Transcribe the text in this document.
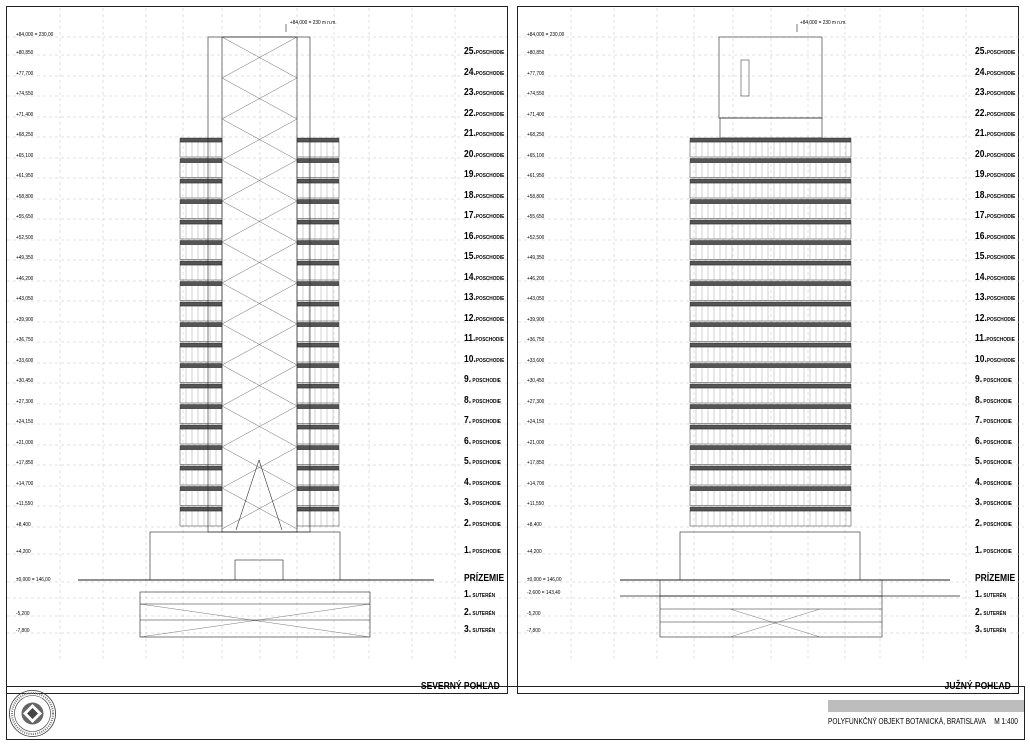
+84,000 = 230,00
+80,850	25.POSCHODIE
+77,700	24.POSCHODIE
+74,550	23.POSCHODIE
+71,400	22.POSCHODIE
+68,250	21.POSCHODIE
+65,100	20.POSCHODIE
+61,950	19.POSCHODIE
+58,800	18.POSCHODIE
+55,650	17.POSCHODIE
+52,500	16.POSCHODIE
+49,350	15.POSCHODIE
+46,200	14.POSCHODIE
+43,050	13.POSCHODIE
+39,900	12.POSCHODIE
+36,750	11.POSCHODIE
+33,600	10.POSCHODIE
+30,450	9. POSCHODIE
+27,300	8. POSCHODIE
+24,150	7. POSCHODIE
+21,000	6. POSCHODIE
+17,850	5. POSCHODIE
+14,700	4. POSCHODIE
+11,550	3. POSCHODIE
+8,400	2. POSCHODIE
+4,200	1. POSCHODIE
±0,000 = 146,00	PRÍZEMIE
1. SUTERÉN
-5,200	2. SUTERÉN
-7,800	3. SUTERÉN
+84,000 = 230,00
+80,850	25.POSCHODIE
+77,700	24.POSCHODIE
+74,550	23.POSCHODIE
+71,400	22.POSCHODIE
+68,250	21.POSCHODIE
+65,100	20.POSCHODIE
+61,950	19.POSCHODIE
+58,800	18.POSCHODIE
+55,650	17.POSCHODIE
+52,500	16.POSCHODIE
+49,350	15.POSCHODIE
+46,200	14.POSCHODIE
+43,050	13.POSCHODIE
+39,900	12.POSCHODIE
+36,750	11.POSCHODIE
+33,600	10.POSCHODIE
+30,450	9. POSCHODIE
+27,300	8. POSCHODIE
+24,150	7. POSCHODIE
+21,000	6. POSCHODIE
+17,850	5. POSCHODIE
+14,700	4. POSCHODIE
+11,550	3. POSCHODIE
+8,400	2. POSCHODIE
+4,200	1. POSCHODIE
±0,000 = 146,00	PRÍZEMIE
1. SUTERÉN
-5,200	2. SUTERÉN
-7,800	3. SUTERÉN
+84,000 = 230 m n.m.	+84,000 = 230 m n.m.
-2,600 = 143,40
SEVERNÝ POHĽAD	JUŽNÝ POHĽAD
POLYFUNKČNÝ OBJEKT BOTANICKÁ, BRATISLAVA M 1:400
